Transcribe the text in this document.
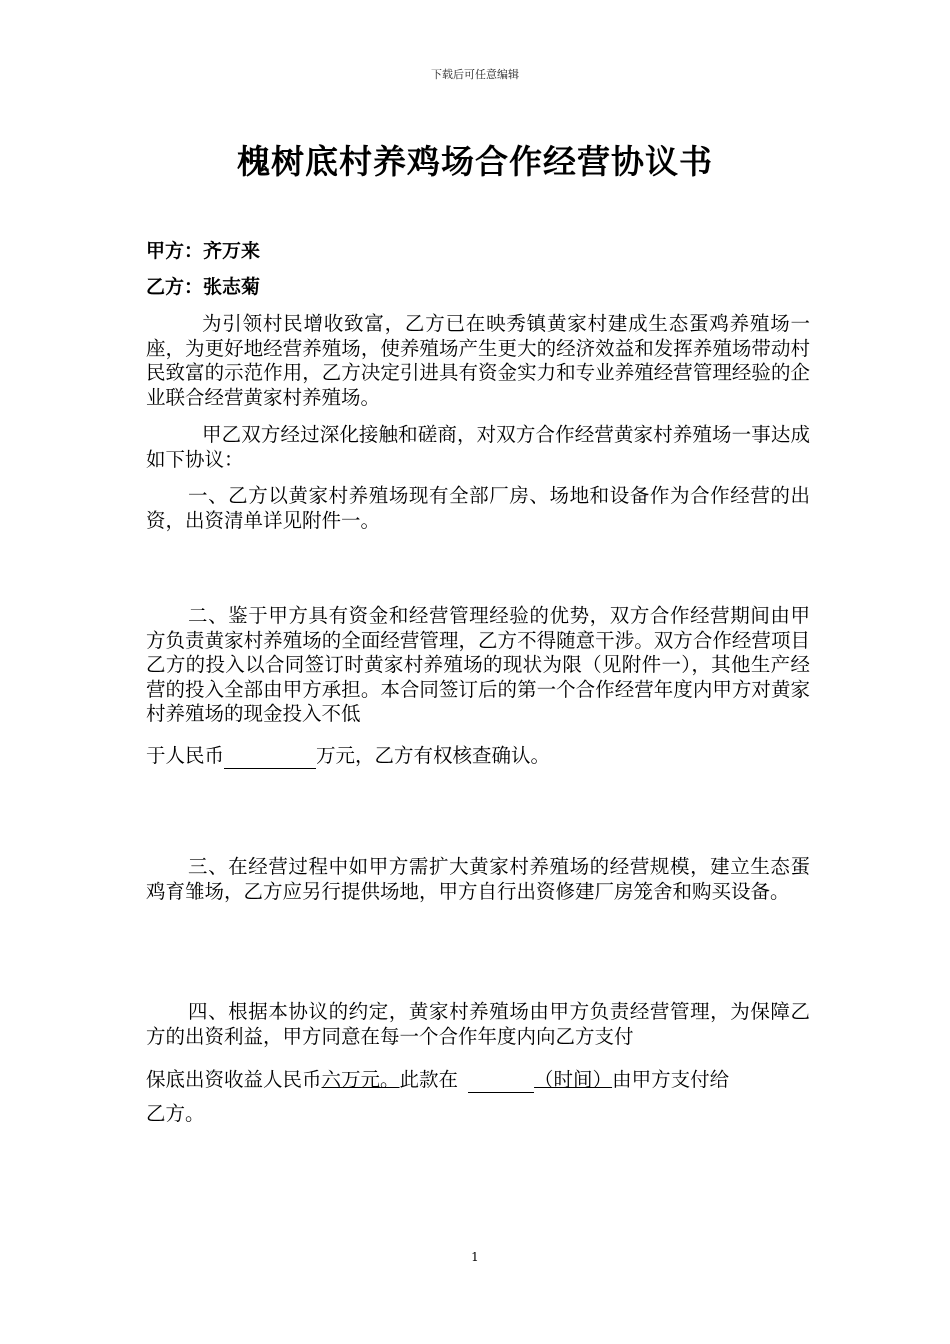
下载后可任意编辑
槐树底村养鸡场合作经营协议书
甲方：齐万来
乙方：张志菊
为引领村民增收致富，乙方已在映秀镇黄家村建成生态蛋鸡养殖场一座，为更好地经营养殖场，使养殖场产生更大的经济效益和发挥养殖场带动村民致富的示范作用，乙方决定引进具有资金实力和专业养殖经营管理经验的企业联合经营黄家村养殖场。
甲乙双方经过深化接触和磋商，对双方合作经营黄家村养殖场一事达成如下协议：
一、乙方以黄家村养殖场现有全部厂房、场地和设备作为合作经营的出资，出资清单详见附件一。
二、鉴于甲方具有资金和经营管理经验的优势，双方合作经营期间由甲方负责黄家村养殖场的全面经营管理，乙方不得随意干涉。双方合作经营项目乙方的投入以合同签订时黄家村养殖场的现状为限（见附件一），其他生产经营的投入全部由甲方承担。本合同签订后的第一个合作经营年度内甲方对黄家村养殖场的现金投入不低
于人民币	万元，乙方有权核查确认。
三、在经营过程中如甲方需扩大黄家村养殖场的经营规模，建立生态蛋鸡育雏场，乙方应另行提供场地，甲方自行出资修建厂房笼舍和购买设备。
四、根据本协议的约定，黄家村养殖场由甲方负责经营管理，为保障乙方的出资利益，甲方同意在每一个合作年度内向乙方支付
保底出资收益人民币六万元。此款在	（时间）由甲方支付给
乙方。
1
